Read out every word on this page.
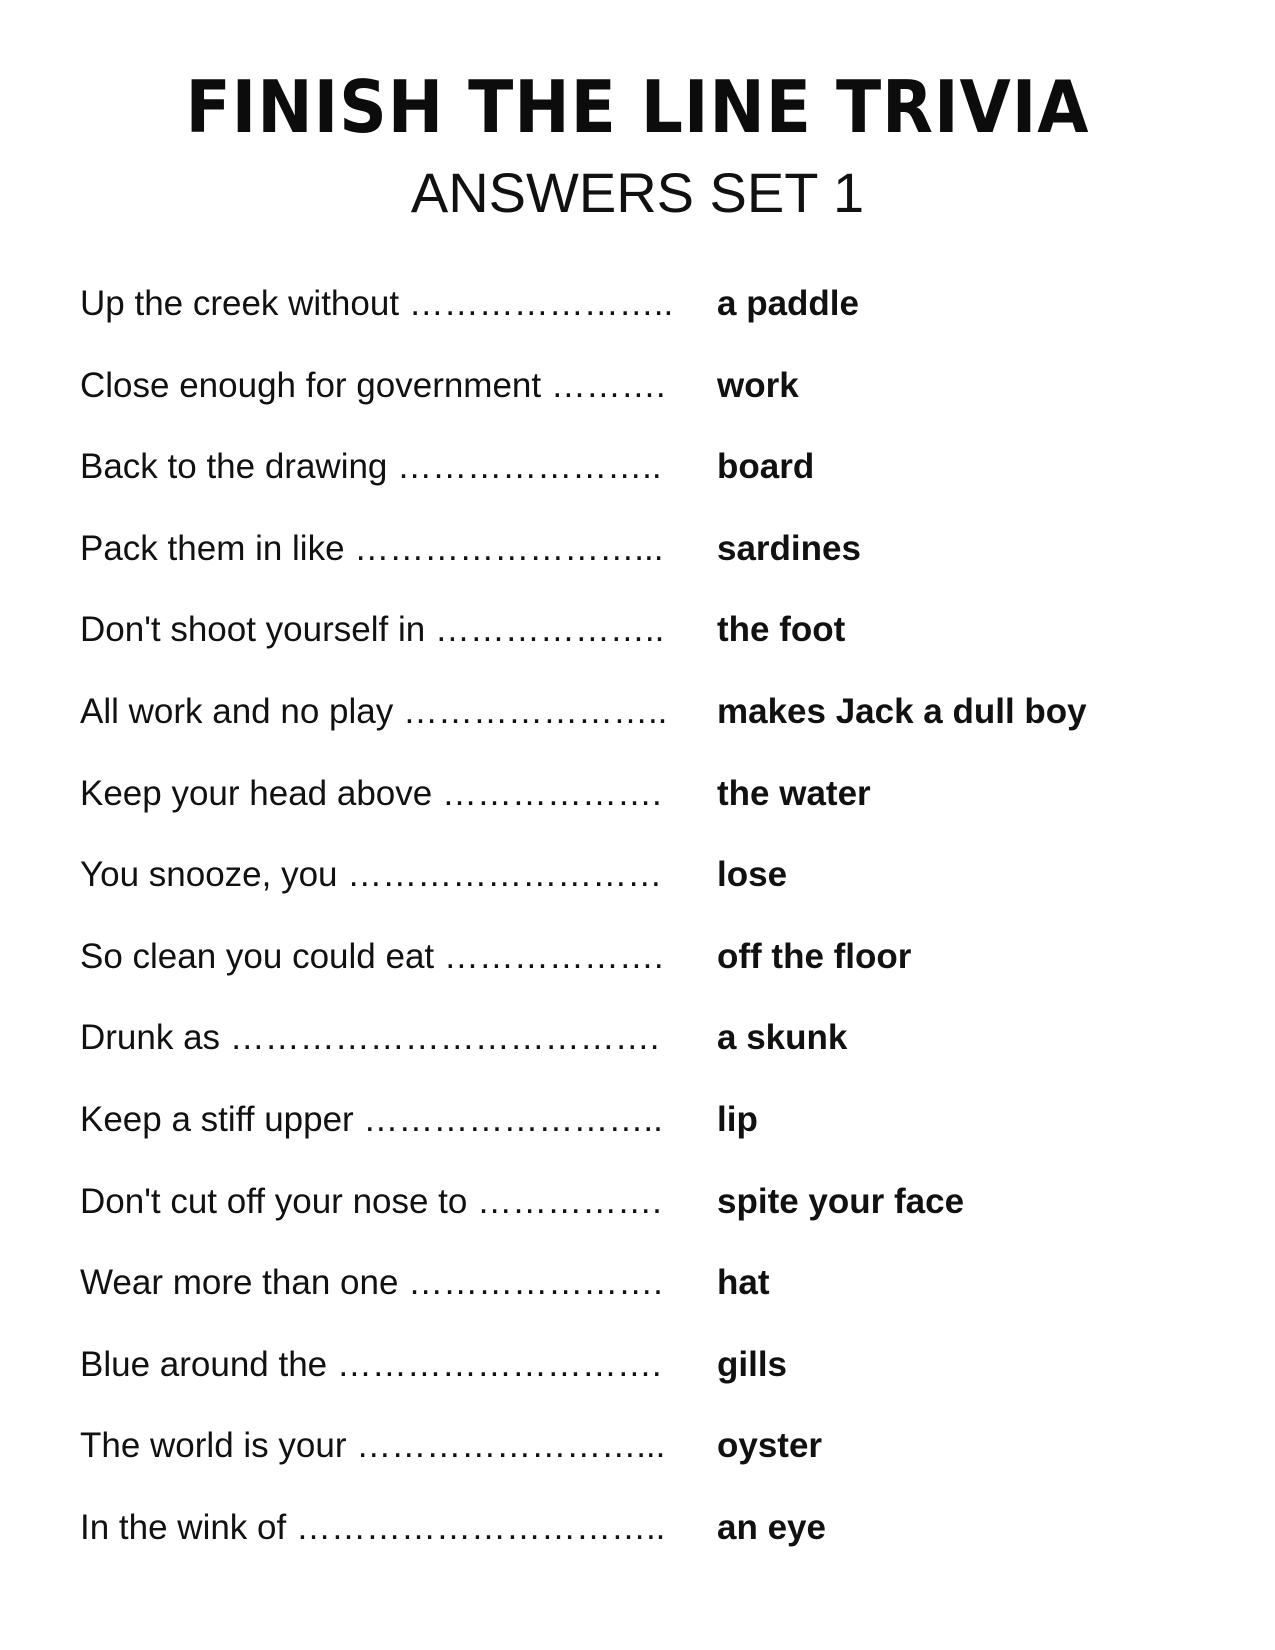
FINISH THE LINE TRIVIA
ANSWERS SET 1
Up the creek without …………………..	a paddle
Close enough for government ……….	work
Back to the drawing …………………..	board
Pack them in like ……………………...	sardines
Don't shoot yourself in ………………..	the foot
All work and no play …………………..	makes Jack a dull boy
Keep your head above ……………….	the water
You snooze, you ………………………	lose
So clean you could eat ……………….	off the floor
Drunk as ……………………………….	a skunk
Keep a stiff upper ……………………..	lip
Don't cut off your nose to …………….	spite your face
Wear more than one ………………….	hat
Blue around the ……………………….	gills
The world is your ……………………...	oyster
In the wink of …………………………..	an eye
